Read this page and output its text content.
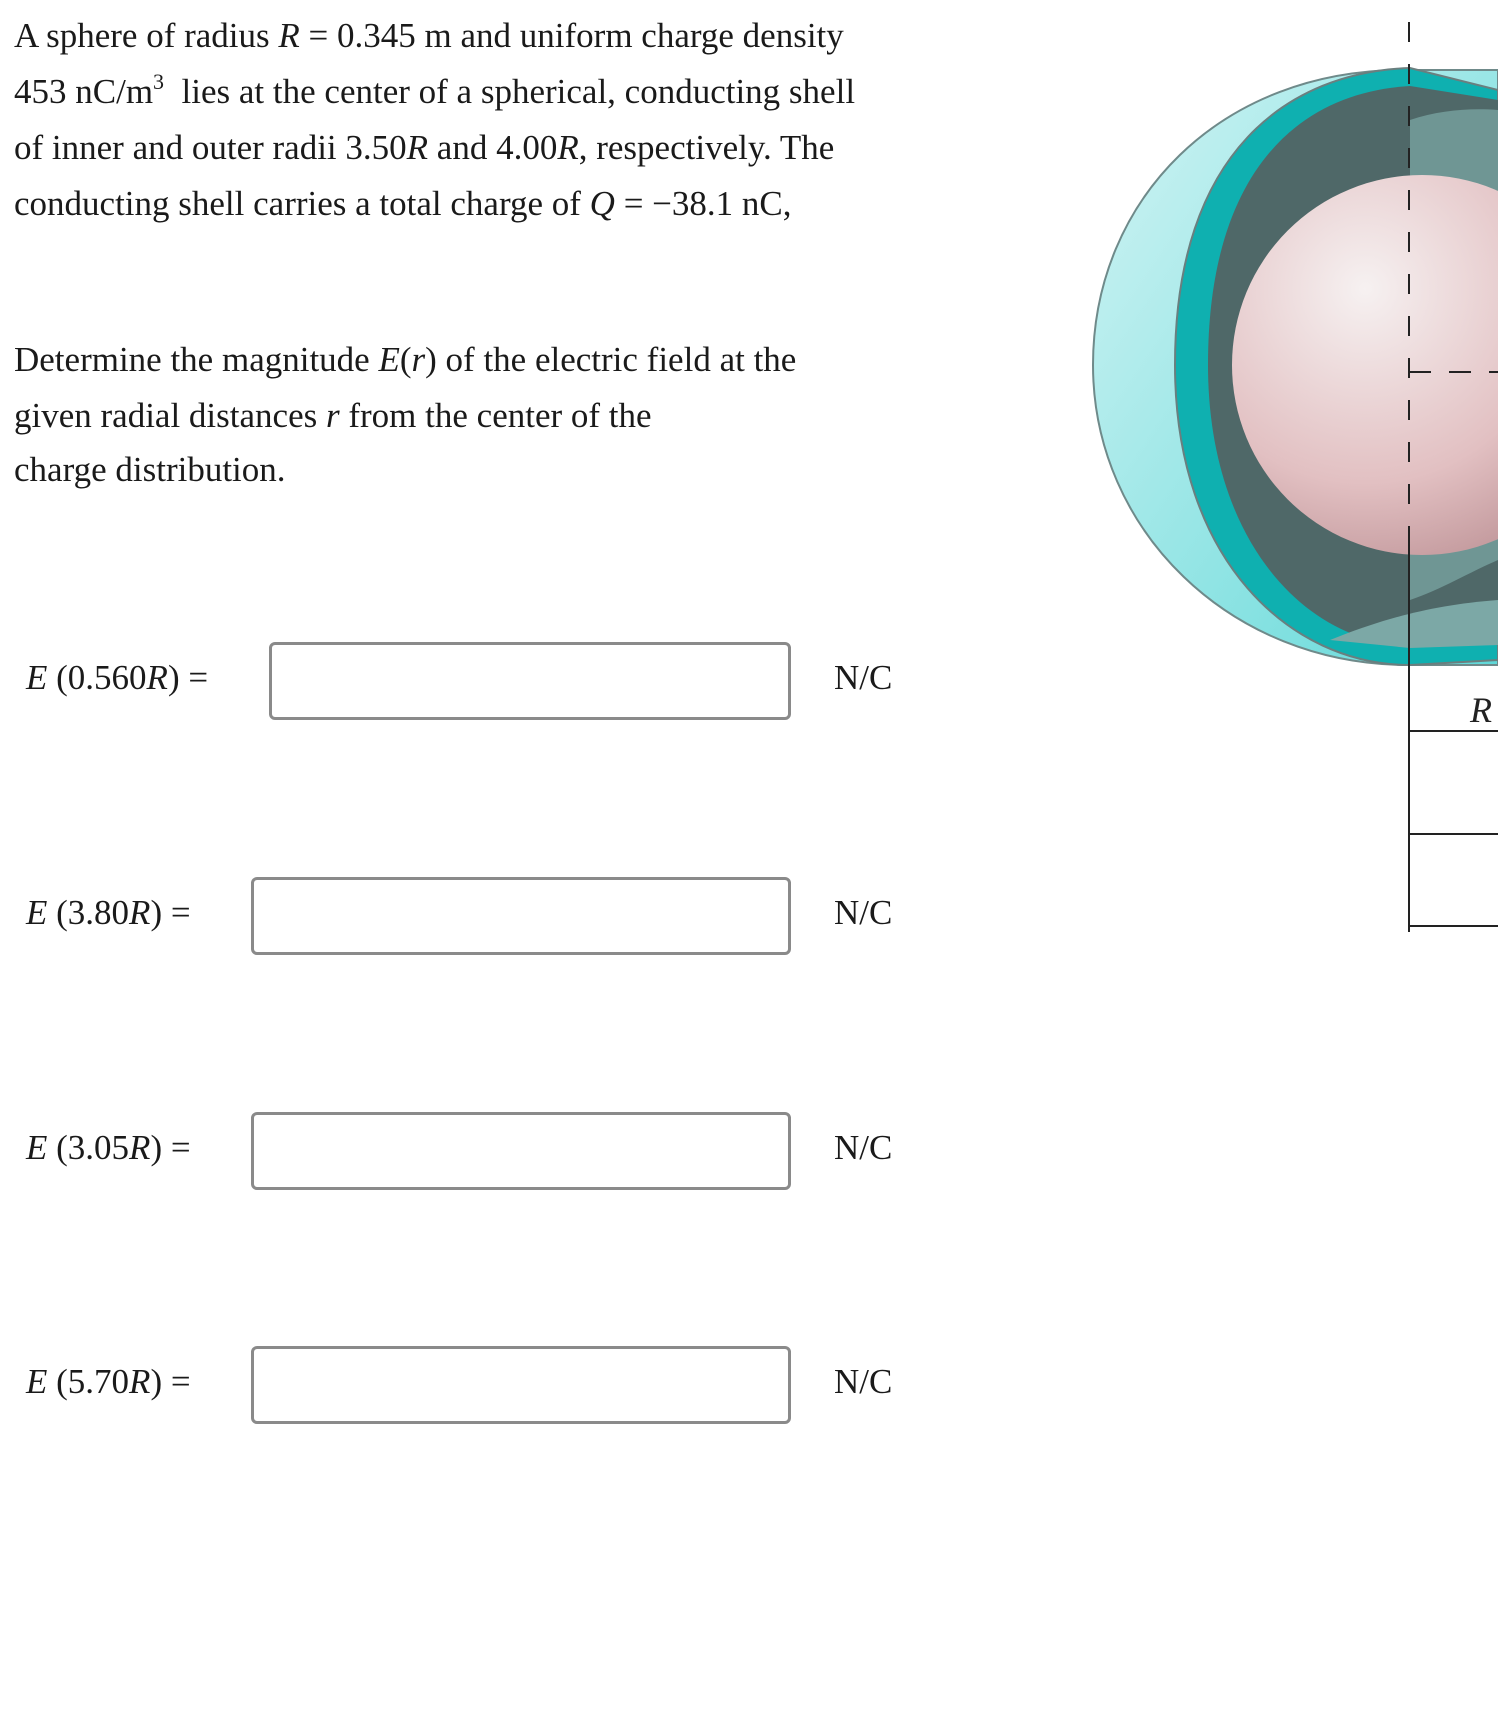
A sphere of radius R = 0.345 m and uniform charge density
453 $nC/m^3$  lies at the center of a spherical, conducting shell
of inner and outer radii 3.50R and 4.00R, respectively. The
conducting shell carries a total charge of Q = −38.1 nC,
Determine the magnitude E(r) of the electric field at the
given radial distances r from the center of the
charge distribution.
E (0.560R) =	N/C
E (3.80R) =	N/C
E (3.05R) =	N/C
E (5.70R) =	N/C
R
